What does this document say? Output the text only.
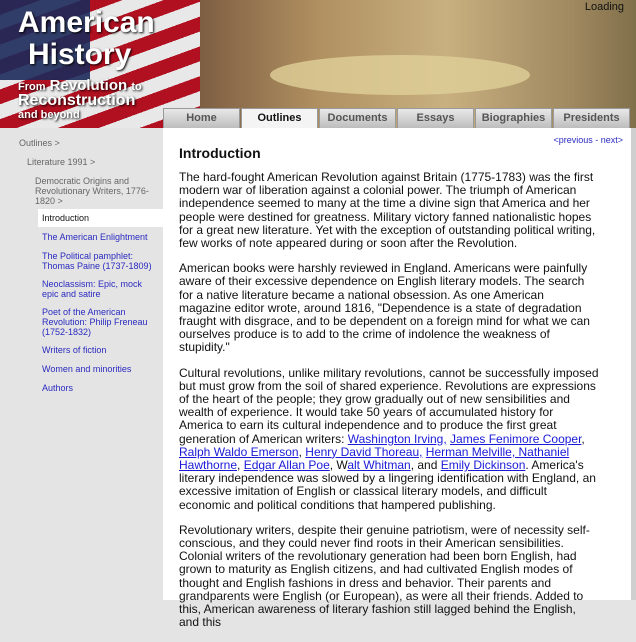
American
History
From Revolution to
Reconstruction
and beyond
Loading
Home	Outlines	Documents	Essays	Biographies	Presidents
Outlines >
Literature 1991 >
Democratic Origins and Revolutionary Writers, 1776-1820 >
Introduction
The American Enlightment
The Political pamphlet: Thomas Paine (1737-1809)
Neoclassism: Epic, mock epic and satire
Poet of the American Revolution: Philip Freneau (1752-1832)
Writers of fiction
Women and minorities
Authors
<previous - next>
Introduction

The hard-fought American Revolution against Britain (1775-1783) was the first modern war of liberation against a colonial power. The triumph of American independence seemed to many at the time a divine sign that America and her people were destined for greatness. Military victory fanned nationalistic hopes for a great new literature. Yet with the exception of outstanding political writing, few works of note appeared during or soon after the Revolution.

American books were harshly reviewed in England. Americans were painfully aware of their excessive dependence on English literary models. The search for a native literature became a national obsession. As one American magazine editor wrote, around 1816, "Dependence is a state of degradation fraught with disgrace, and to be dependent on a foreign mind for what we can ourselves produce is to add to the crime of indolence the weakness of stupidity."

Cultural revolutions, unlike military revolutions, cannot be successfully imposed but must grow from the soil of shared experience. Revolutions are expressions of the heart of the people; they grow gradually out of new sensibilities and wealth of experience. It would take 50 years of accumulated history for America to earn its cultural independence and to produce the first great generation of American writers: Washington Irving, James Fenimore Cooper, Ralph Waldo Emerson, Henry David Thoreau, Herman Melville, Nathaniel Hawthorne, Edgar Allan Poe, Walt Whitman, and Emily Dickinson. America's literary independence was slowed by a lingering identification with England, an excessive imitation of English or classical literary models, and difficult economic and political conditions that hampered publishing.

Revolutionary writers, despite their genuine patriotism, were of necessity self-conscious, and they could never find roots in their American sensibilities. Colonial writers of the revolutionary generation had been born English, had grown to maturity as English citizens, and had cultivated English modes of thought and English fashions in dress and behavior. Their parents and grandparents were English (or European), as were all their friends. Added to this, American awareness of literary fashion still lagged behind the English, and this
